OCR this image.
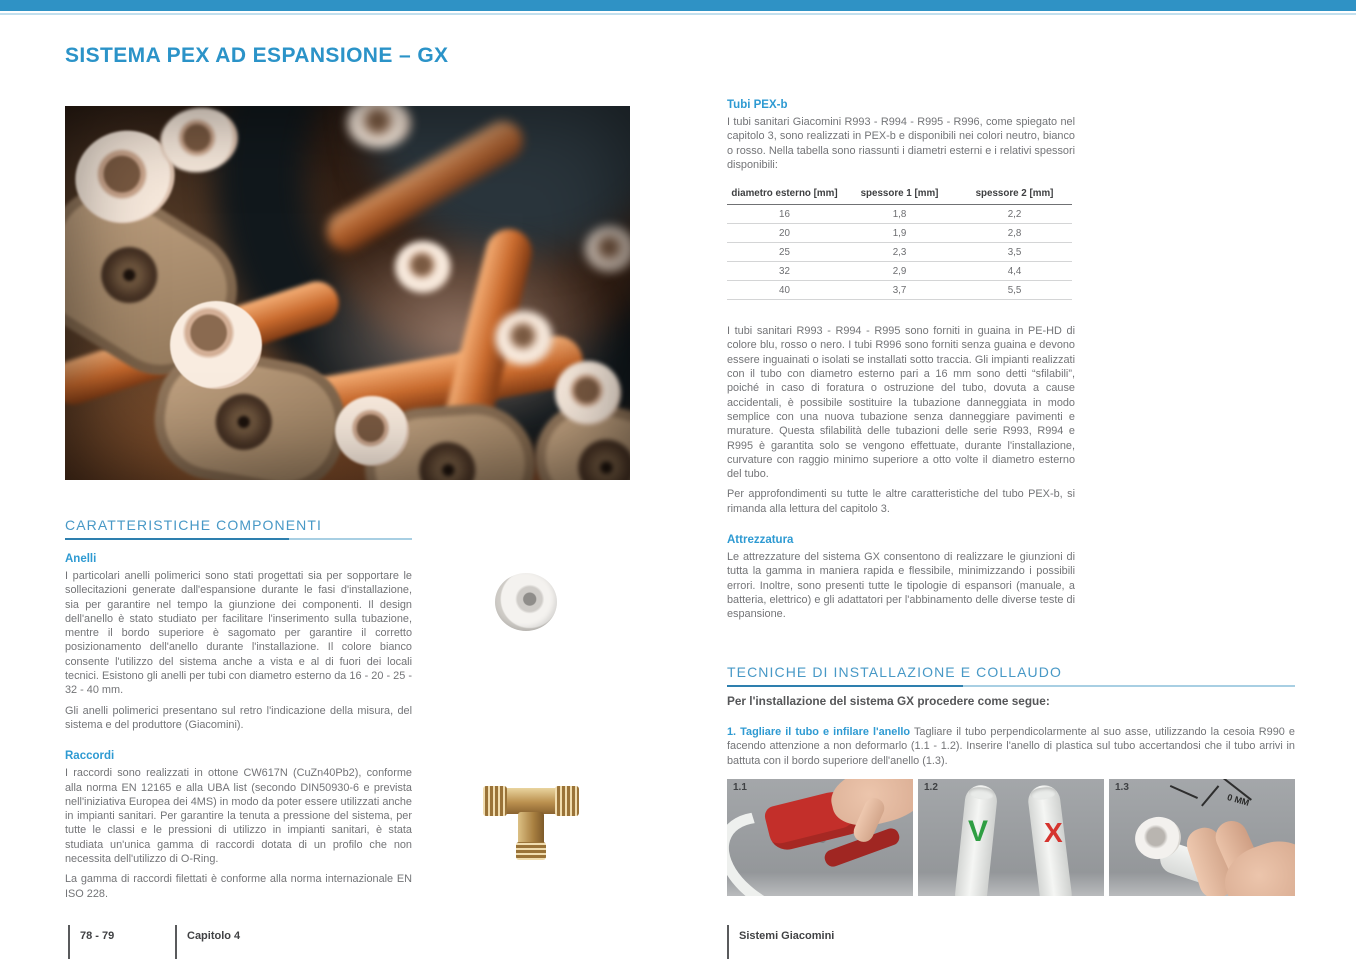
SISTEMA PEX AD ESPANSIONE – GX
CARATTERISTICHE COMPONENTI
Anelli

I particolari anelli polimerici sono stati progettati sia per sopportare le sollecitazioni generate dall'espansione durante le fasi d'installazione, sia per garantire nel tempo la giunzione dei componenti. Il design dell'anello è stato studiato per facilitare l'inserimento sulla tubazione, mentre il bordo superiore è sagomato per garantire il corretto posizionamento dell'anello durante l'installazione. Il colore bianco consente l'utilizzo del sistema anche a vista e al di fuori dei locali tecnici. Esistono gli anelli per tubi con diametro esterno da 16 - 20 - 25 - 32 - 40 mm.

Gli anelli polimerici presentano sul retro l'indicazione della misura, del sistema e del produttore (Giacomini).

Raccordi

I raccordi sono realizzati in ottone CW617N (CuZn40Pb2), conforme alla norma EN 12165 e alla UBA list (secondo DIN50930-6 e prevista nell'iniziativa Europea dei 4MS) in modo da poter essere utilizzati anche in impianti sanitari. Per garantire la tenuta a pressione del sistema, per tutte le classi e le pressioni di utilizzo in impianti sanitari, è stata studiata un'unica gamma di raccordi dotata di un profilo che non necessita dell'utilizzo di O-Ring.

La gamma di raccordi filettati è conforme alla norma internazionale EN ISO 228.

Tubi PEX-b

I tubi sanitari Giacomini R993 - R994 - R995 - R996, come spiegato nel capitolo 3, sono realizzati in PEX-b e disponibili nei colori neutro, bianco o rosso. Nella tabella sono riassunti i diametri esterni e i relativi spessori disponibili:

diametro esterno [mm]	spessore 1 [mm]	spessore 2 [mm]
16	1,8	2,2
20	1,9	2,8
25	2,3	3,5
32	2,9	4,4
40	3,7	5,5

I tubi sanitari R993 - R994 - R995 sono forniti in guaina in PE-HD di colore blu, rosso o nero. I tubi R996 sono forniti senza guaina e devono essere inguainati o isolati se installati sotto traccia. Gli impianti realizzati con il tubo con diametro esterno pari a 16 mm sono detti “sfilabili”, poiché in caso di foratura o ostruzione del tubo, dovuta a cause accidentali, è possibile sostituire la tubazione danneggiata in modo semplice con una nuova tubazione senza danneggiare pavimenti e murature. Questa sfilabilità delle tubazioni delle serie R993, R994 e R995 è garantita solo se vengono effettuate, durante l'installazione, curvature con raggio minimo superiore a otto volte il diametro esterno del tubo.

Per approfondimenti su tutte le altre caratteristiche del tubo PEX-b, si rimanda alla lettura del capitolo 3.

Attrezzatura

Le attrezzature del sistema GX consentono di realizzare le giunzioni di tutta la gamma in maniera rapida e flessibile, minimizzando i possibili errori. Inoltre, sono presenti tutte le tipologie di espansori (manuale, a batteria, elettrico) e gli adattatori per l'abbinamento delle diverse teste di espansione.

TECNICHE DI INSTALLAZIONE E COLLAUDO

Per l'installazione del sistema GX procedere come segue:

1. Tagliare il tubo e infilare l'anello Tagliare il tubo perpendicolarmente al suo asse, utilizzando la cesoia R990 e facendo attenzione a non deformarlo (1.1 - 1.2). Inserire l'anello di plastica sul tubo accertandosi che il tubo arrivi in battuta con il bordo superiore dell'anello (1.3).

1.1	1.2
V X
1.3
0 MM
78 - 79	Capitolo 4	Sistemi Giacomini
